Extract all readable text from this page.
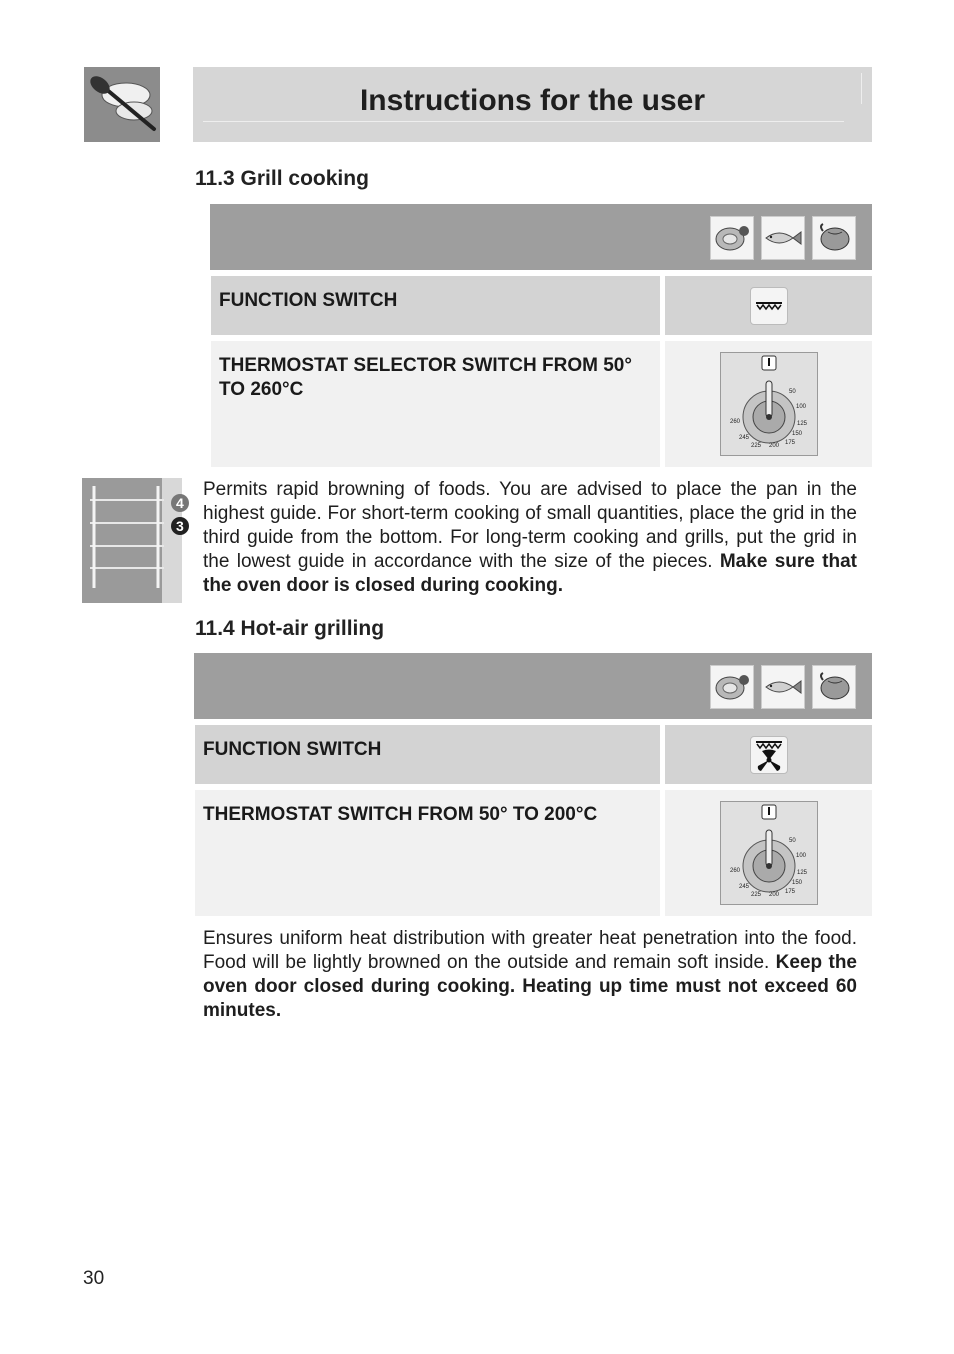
Instructions for the user
11.3 Grill cooking
FUNCTION SWITCH
THERMOSTAT SELECTOR SWITCH FROM 50° TO 260°C	50
100
125
150
175
200
225
245
260
4
3
Permits rapid browning of foods. You are advised to place the pan in the highest guide. For short-term cooking of small quantities, place the grid in the third guide from the bottom. For long-term cooking and grills, put the grid in the lowest guide in accordance with the size of the pieces. Make sure that the oven door is closed during cooking.
11.4 Hot-air grilling
FUNCTION SWITCH
THERMOSTAT SWITCH FROM 50° TO 200°C
50
100
125
150
175
200
225
245
260
Ensures uniform heat distribution with greater heat penetration into the food. Food will be lightly browned on the outside and remain soft inside. Keep the oven door closed during cooking. Heating up time must not exceed 60 minutes.
30
